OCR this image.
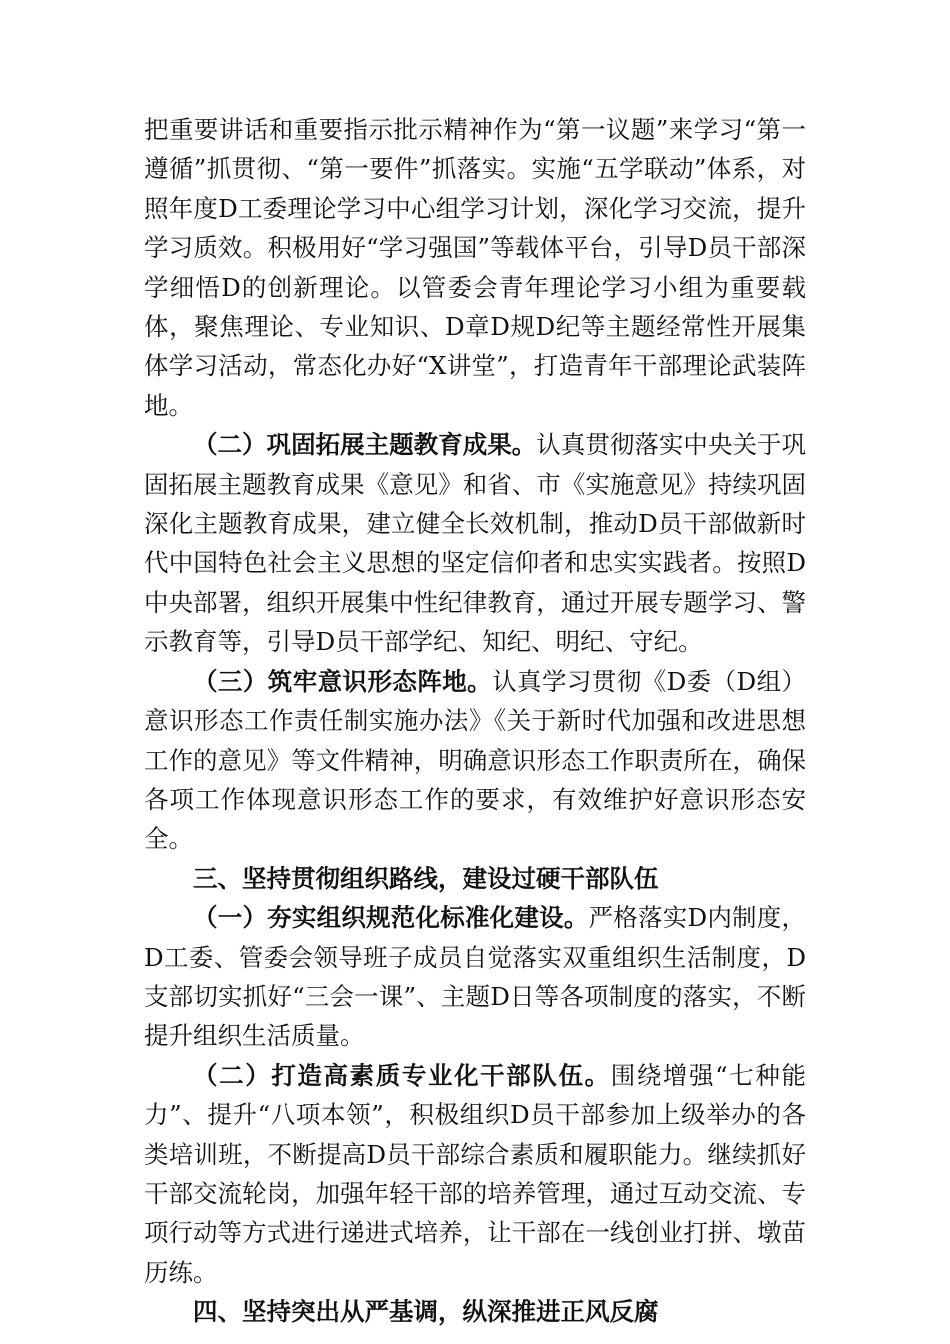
把重要讲话和重要指示批示精神作为“第一议题”来学习“第一遵循”抓贯彻、“第一要件”抓落实。实施“五学联动”体系，对照年度D工委理论学习中心组学习计划，深化学习交流，提升学习质效。积极用好“学习强国”等载体平台，引导D员干部深学细悟D的创新理论。以管委会青年理论学习小组为重要载体，聚焦理论、专业知识、D章D规D纪等主题经常性开展集体学习活动，常态化办好“X讲堂”，打造青年干部理论武装阵地。

（二）巩固拓展主题教育成果。认真贯彻落实中央关于巩固拓展主题教育成果《意见》和省、市《实施意见》持续巩固深化主题教育成果，建立健全长效机制，推动D员干部做新时代中国特色社会主义思想的坚定信仰者和忠实实践者。按照D中央部署，组织开展集中性纪律教育，通过开展专题学习、警示教育等，引导D员干部学纪、知纪、明纪、守纪。

（三）筑牢意识形态阵地。认真学习贯彻《D委（D组）意识形态工作责任制实施办法》《关于新时代加强和改进思想工作的意见》等文件精神，明确意识形态工作职责所在，确保各项工作体现意识形态工作的要求，有效维护好意识形态安全。

三、坚持贯彻组织路线，建设过硬干部队伍

（一）夯实组织规范化标准化建设。严格落实D内制度，D工委、管委会领导班子成员自觉落实双重组织生活制度，D支部切实抓好“三会一课”、主题D日等各项制度的落实，不断提升组织生活质量。

（二）打造高素质专业化干部队伍。围绕增强“七种能力”、提升“八项本领”，积极组织D员干部参加上级举办的各类培训班，不断提高D员干部综合素质和履职能力。继续抓好干部交流轮岗，加强年轻干部的培养管理，通过互动交流、专项行动等方式进行递进式培养，让干部在一线创业打拼、墩苗历练。

四、坚持突出从严基调，纵深推进正风反腐
